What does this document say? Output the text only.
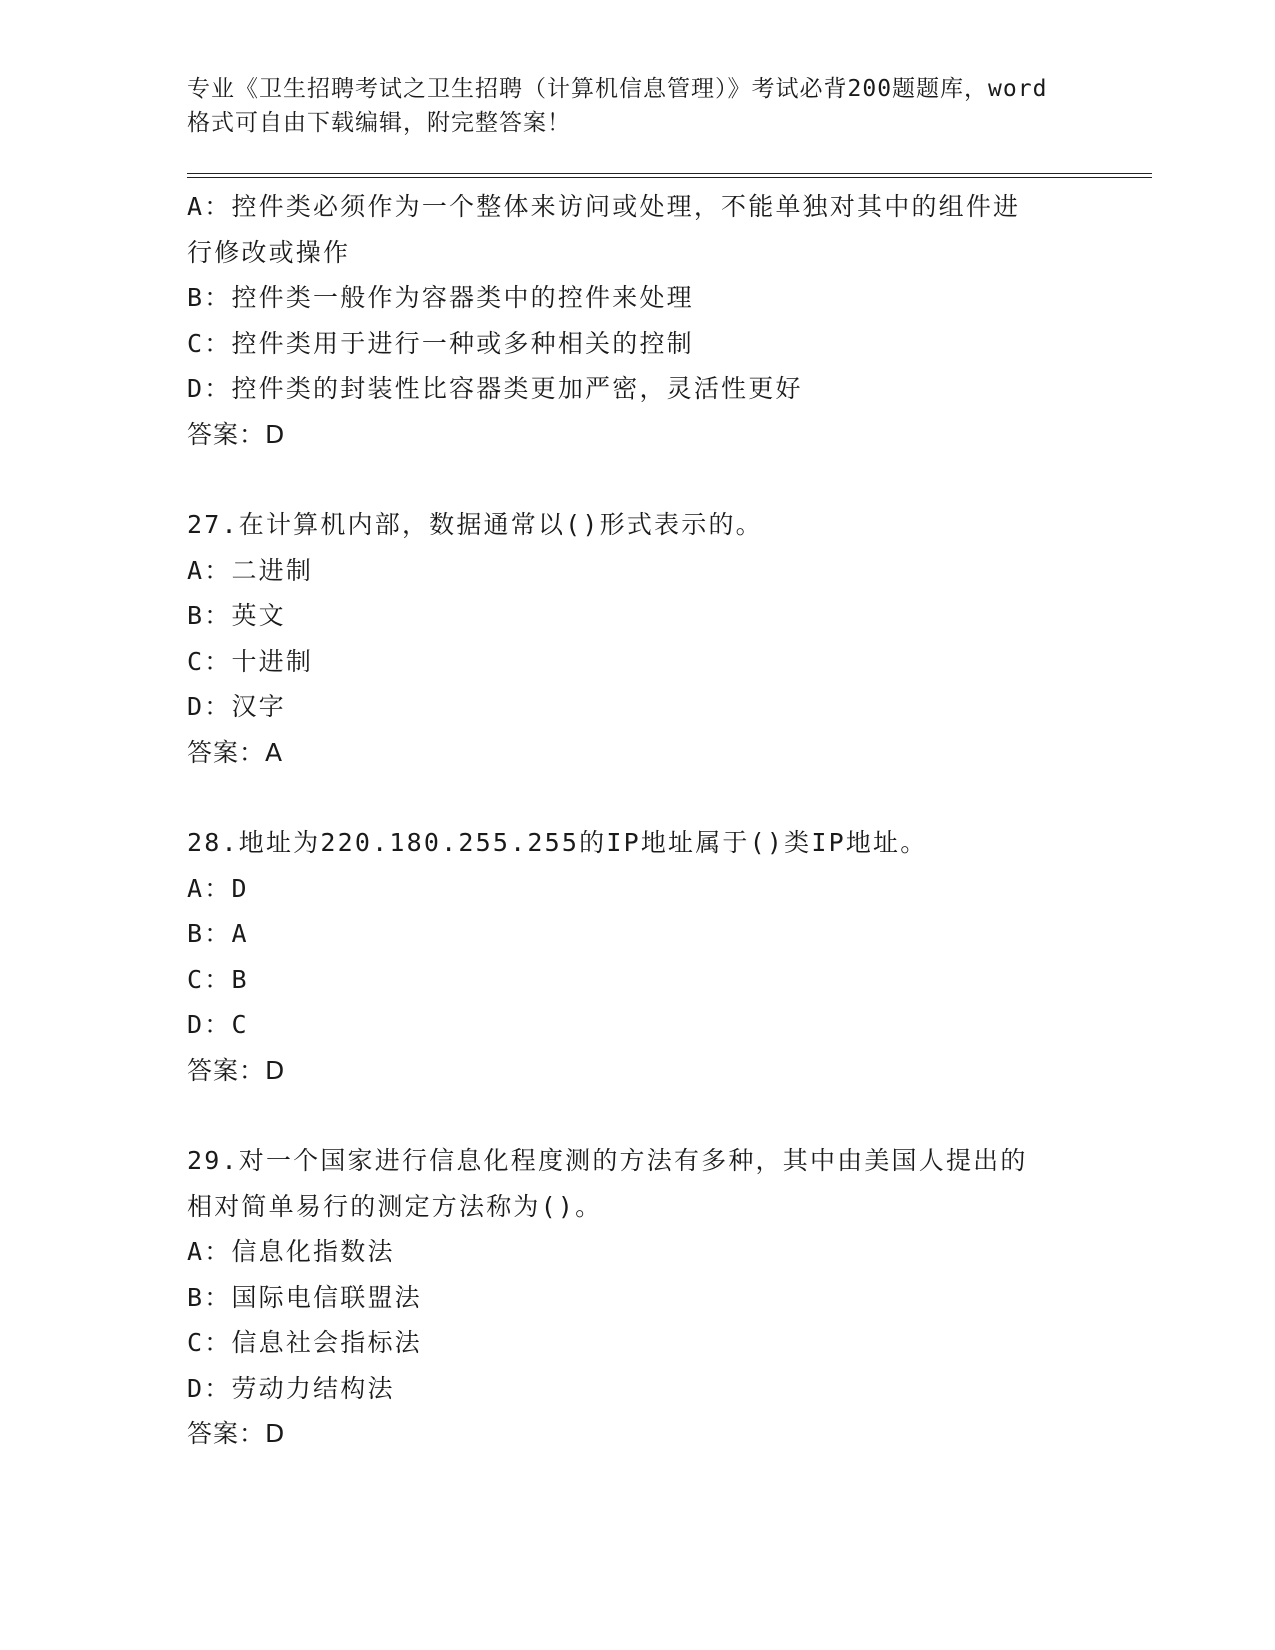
专业《卫生招聘考试之卫生招聘（计算机信息管理）》考试必背200题题库，word

格式可自由下载编辑，附完整答案！

A：控件类必须作为一个整体来访问或处理，不能单独对其中的组件进

行修改或操作

B：控件类一般作为容器类中的控件来处理

C：控件类用于进行一种或多种相关的控制

D：控件类的封装性比容器类更加严密，灵活性更好

答案：D

27.在计算机内部，数据通常以()形式表示的。

A：二进制

B：英文

C：十进制

D：汉字

答案：A

28.地址为220.180.255.255的IP地址属于()类IP地址。

A：D

B：A

C：B

D：C

答案：D

29.对一个国家进行信息化程度测的方法有多种，其中由美国人提出的

相对简单易行的测定方法称为()。

A：信息化指数法

B：国际电信联盟法

C：信息社会指标法

D：劳动力结构法

答案：D
